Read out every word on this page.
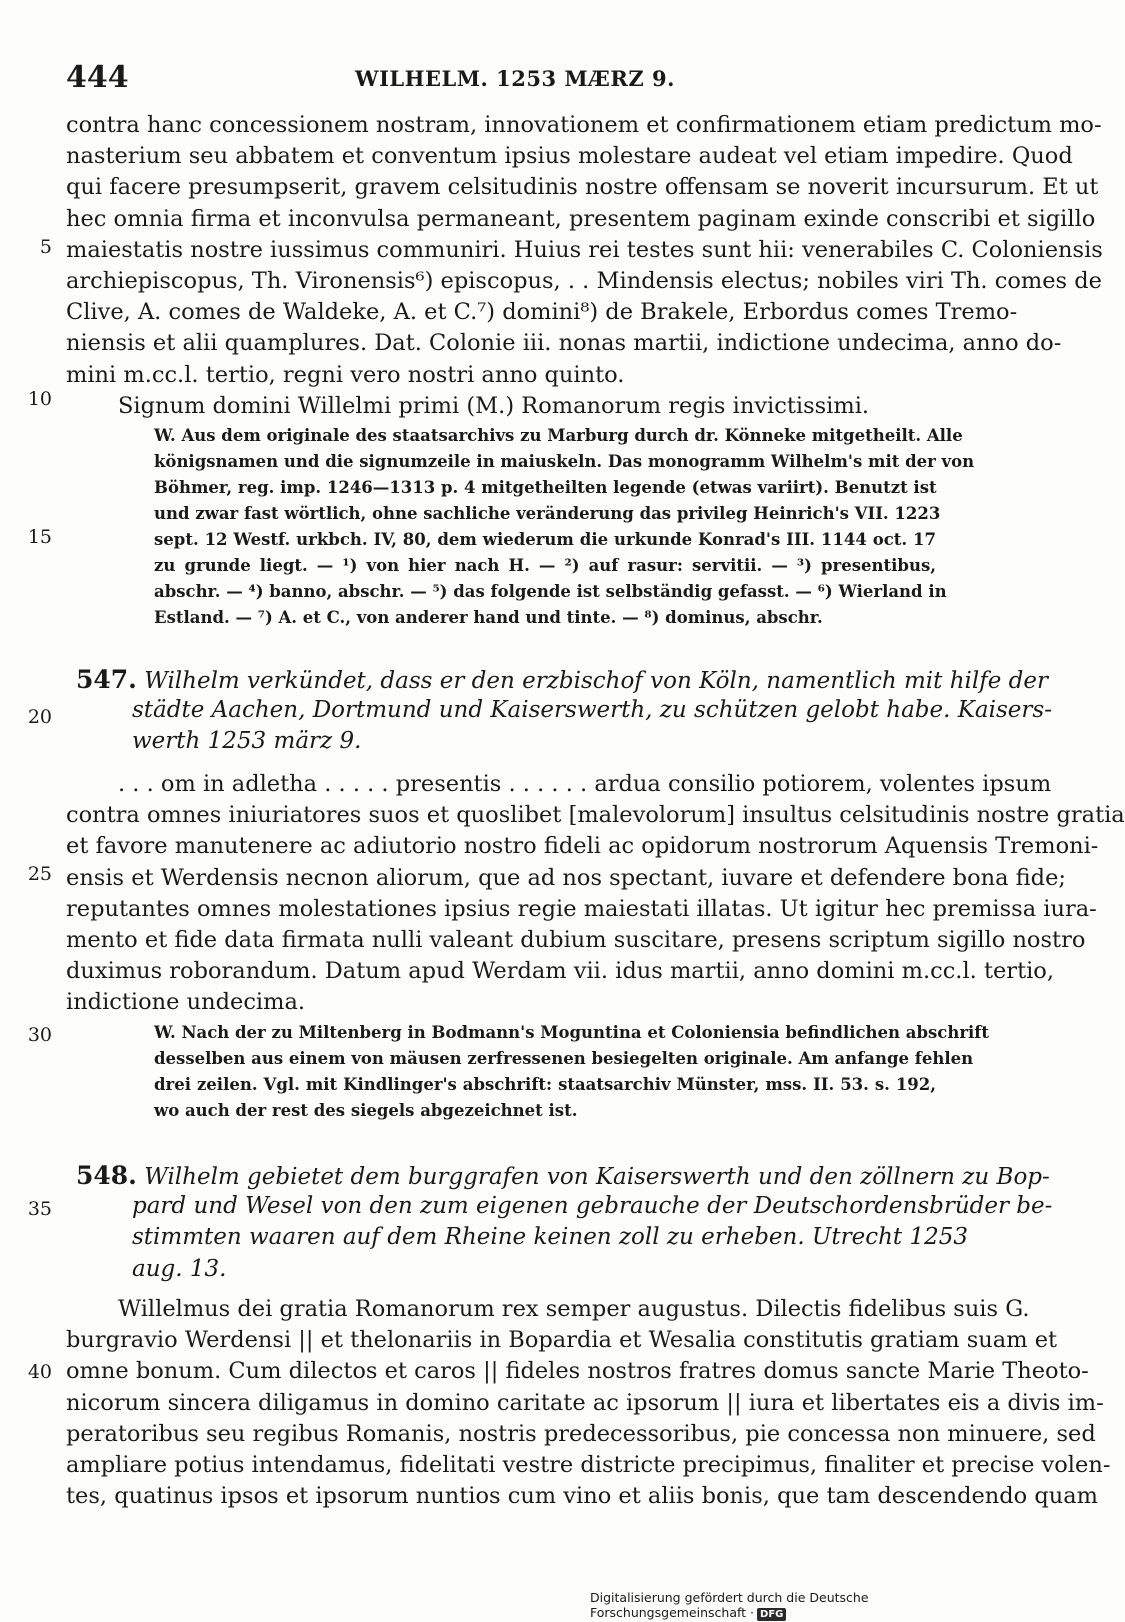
444	WILHELM. 1253 MÆRZ 9.
5
10
15
20
25
30
35
40
contra hanc concessionem nostram, innovationem et confirmationem etiam predictum mo-
nasterium seu abbatem et conventum ipsius molestare audeat vel etiam impedire. Quod
qui facere presumpserit, gravem celsitudinis nostre offensam se noverit incursurum. Et ut
hec omnia firma et inconvulsa permaneant, presentem paginam exinde conscribi et sigillo
maiestatis nostre iussimus communiri. Huius rei testes sunt hii: venerabiles C. Coloniensis
archiepiscopus, Th. Vironensis⁶) episcopus, . . Mindensis electus; nobiles viri Th. comes de
Clive, A. comes de Waldeke, A. et C.⁷) domini⁸) de Brakele, Erbordus comes Tremo-
niensis et alii quamplures. Dat. Colonie iii. nonas martii, indictione undecima, anno do-
mini m.cc.l. tertio, regni vero nostri anno quinto.
Signum domini Willelmi primi (M.) Romanorum regis invictissimi.
W. Aus dem originale des staatsarchivs zu Marburg durch dr. Könneke mitgetheilt. Alle
königsnamen und die signumzeile in maiuskeln. Das monogramm Wilhelm's mit der von
Böhmer, reg. imp. 1246—1313 p. 4 mitgetheilten legende (etwas variirt). Benutzt ist
und zwar fast wörtlich, ohne sachliche veränderung das privileg Heinrich's VII. 1223
sept. 12 Westf. urkbch. IV, 80, dem wiederum die urkunde Konrad's III. 1144 oct. 17
zu grunde liegt. — ¹) von hier nach H. — ²) auf rasur: servitii. — ³) presentibus,
abschr. — ⁴) banno, abschr. — ⁵) das folgende ist selbständig gefasst. — ⁶) Wierland in
Estland. — ⁷) A. et C., von anderer hand und tinte. — ⁸) dominus, abschr.
547. Wilhelm verkündet, dass er den erzbischof von Köln, namentlich mit hilfe der
städte Aachen, Dortmund und Kaiserswerth, zu schützen gelobt habe. Kaisers-
werth 1253 märz 9.
. . . om in adletha . . . . . presentis . . . . . . ardua consilio potiorem, volentes ipsum
contra omnes iniuriatores suos et quoslibet [malevolorum] insultus celsitudinis nostre gratia
et favore manutenere ac adiutorio nostro fideli ac opidorum nostrorum Aquensis Tremoni-
ensis et Werdensis necnon aliorum, que ad nos spectant, iuvare et defendere bona fide;
reputantes omnes molestationes ipsius regie maiestati illatas. Ut igitur hec premissa iura-
mento et fide data firmata nulli valeant dubium suscitare, presens scriptum sigillo nostro
duximus roborandum. Datum apud Werdam vii. idus martii, anno domini m.cc.l. tertio,
indictione undecima.
W. Nach der zu Miltenberg in Bodmann's Moguntina et Coloniensia befindlichen abschrift
desselben aus einem von mäusen zerfressenen besiegelten originale. Am anfange fehlen
drei zeilen. Vgl. mit Kindlinger's abschrift: staatsarchiv Münster, mss. II. 53. s. 192,
wo auch der rest des siegels abgezeichnet ist.
548. Wilhelm gebietet dem burggrafen von Kaiserswerth und den zöllnern zu Bop-
pard und Wesel von den zum eigenen gebrauche der Deutschordensbrüder be-
stimmten waaren auf dem Rheine keinen zoll zu erheben. Utrecht 1253
aug. 13.
Willelmus dei gratia Romanorum rex semper augustus. Dilectis fidelibus suis G.
burgravio Werdensi || et thelonariis in Bopardia et Wesalia constitutis gratiam suam et
omne bonum. Cum dilectos et caros || fideles nostros fratres domus sancte Marie Theoto-
nicorum sincera diligamus in domino caritate ac ipsorum || iura et libertates eis a divis im-
peratoribus seu regibus Romanis, nostris predecessoribus, pie concessa non minuere, sed
ampliare potius intendamus, fidelitati vestre districte precipimus, finaliter et precise volen-
tes, quatinus ipsos et ipsorum nuntios cum vino et aliis bonis, que tam descendendo quam
Digitalisierung gefördert durch die Deutsche Forschungsgemeinschaft · DFG
